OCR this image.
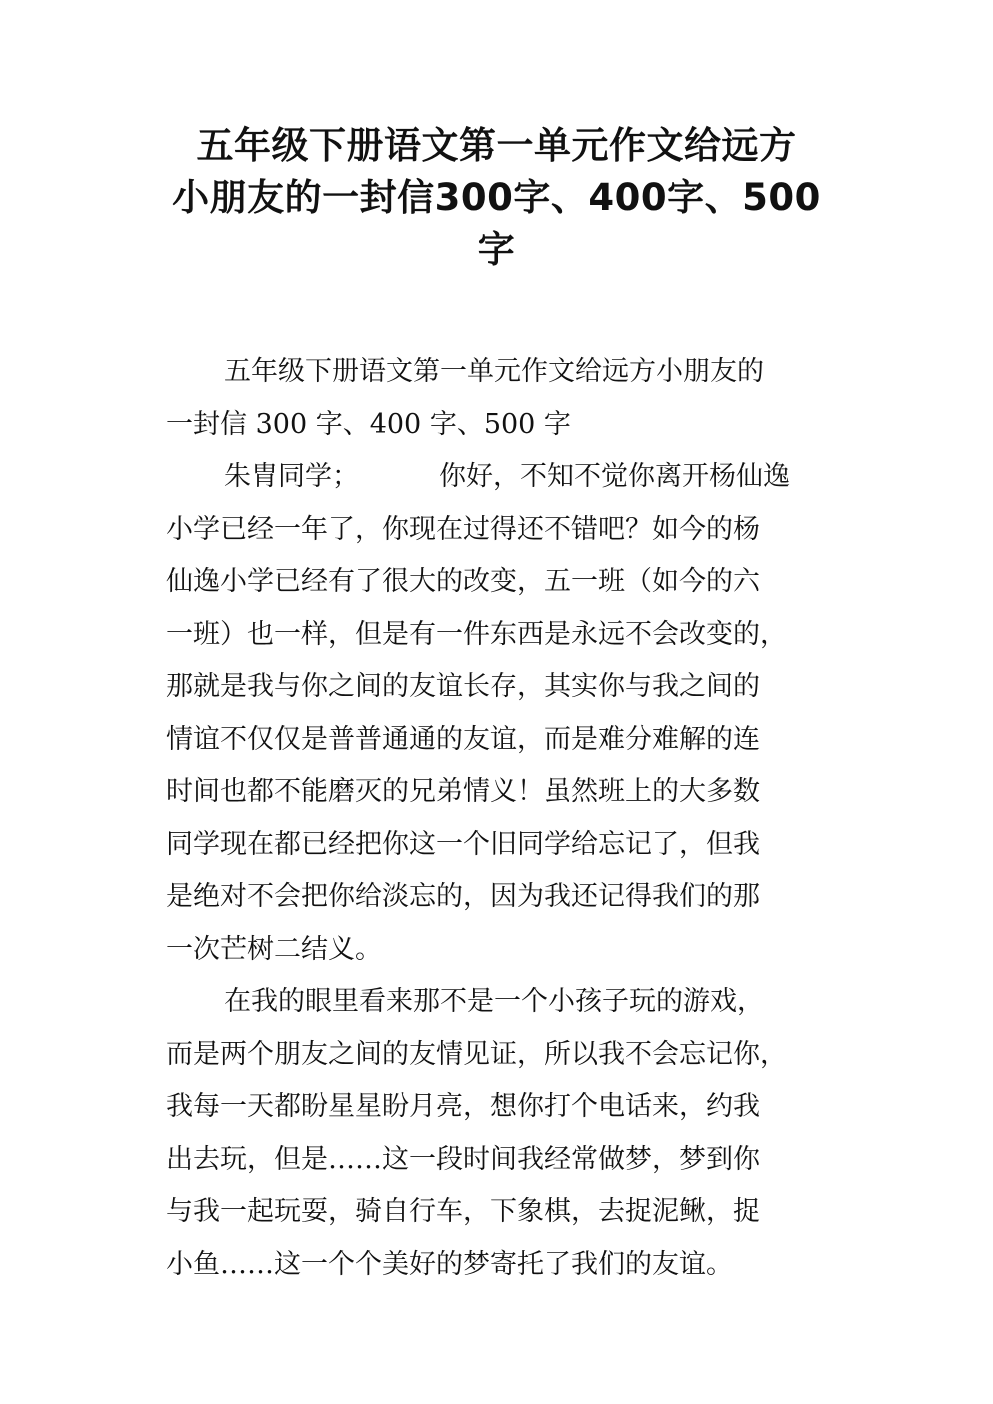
五年级下册语文第一单元作文给远方
小朋友的一封信300字、400字、500
字
五年级下册语文第一单元作文给远方小朋友的
一封信 300 字、400 字、500 字
朱胄同学；	你好，不知不觉你离开杨仙逸
小学已经一年了，你现在过得还不错吧？如今的杨
仙逸小学已经有了很大的改变，五一班（如今的六
一班）也一样，但是有一件东西是永远不会改变的，
那就是我与你之间的友谊长存，其实你与我之间的
情谊不仅仅是普普通通的友谊，而是难分难解的连
时间也都不能磨灭的兄弟情义！虽然班上的大多数
同学现在都已经把你这一个旧同学给忘记了，但我
是绝对不会把你给淡忘的，因为我还记得我们的那
一次芒树二结义。
在我的眼里看来那不是一个小孩子玩的游戏，
而是两个朋友之间的友情见证，所以我不会忘记你，
我每一天都盼星星盼月亮，想你打个电话来，约我
出去玩，但是……这一段时间我经常做梦，梦到你
与我一起玩耍，骑自行车，下象棋，去捉泥鳅，捉
小鱼……这一个个美好的梦寄托了我们的友谊。
